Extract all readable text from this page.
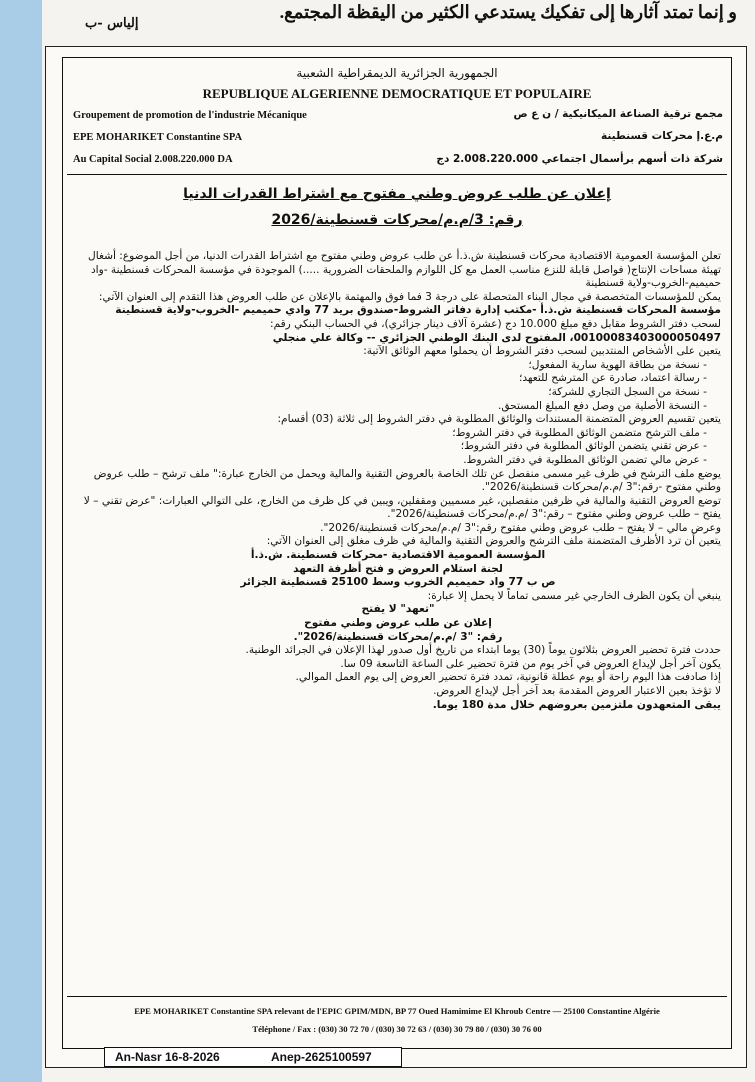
و إنما تمتد آثارها إلى تفكيك يستدعي الكثير من اليقظة المجتمع.
إلياس -ب
الجمهورية الجزائرية الديمقراطية الشعبية
REPUBLIQUE ALGERIENNE DEMOCRATIQUE ET POPULAIRE
Groupement de promotion de l'industrie Mécanique
EPE MOHARIKET Constantine SPA
Au Capital Social 2.008.220.000 DA
مجمع ترقية الصناعة الميكانيكية / ن ع ص
م.ع.إ محركات قسنطينة
شركة ذات أسهم برأسمال اجتماعي 2.008.220.000 دج
إعلان عن طلب عروض وطني مفتوح مع اشتراط القدرات الدنيا
رقم: 3/م.م/محركات قسنطينة/2026

تعلن المؤسسة العمومية الاقتصادية محركات قسنطينة ش.ذ.أ عن طلب عروض وطني مفتوح مع اشتراط القدرات الدنيا، من أجل الموضوع: أشغال تهيئة مساحات الإنتاج( فواصل قابلة للنزع مناسب العمل مع كل اللوازم والملحقات الضرورية .....) الموجودة في مؤسسة المحركات قسنطينة -واد حميميم-الخروب-ولاية قسنطينة

يمكن للمؤسسات المتخصصة في مجال البناء المتحصلة على درجة 3 فما فوق والمهتمة بالإعلان عن طلب العروض هذا التقدم إلى العنوان الآتي:

مؤسسة المحركات قسنطينة ش.ذ.أ -مكتب إدارة دفاتر الشروط-صندوق بريد 77 وادي حميميم -الخروب-ولاية قسنطينة

لسحب دفتر الشروط مقابل دفع مبلغ 10.000 دج (عشرة آلاف دينار جزائري)، في الحساب البنكي رقم:

00100083403000050497، المفتوح لدى البنك الوطني الجزائري -- وكالة علي منجلي

يتعين على الأشخاص المنتدبين لسحب دفتر الشروط أن يحملوا معهم الوثائق الآتية:

- نسخة من بطاقة الهوية سارية المفعول؛

- رسالة اعتماد، صادرة عن المترشح للتعهد؛

- نسخة من السجل التجاري للشركة؛

- النسخة الأصلية من وصل دفع المبلغ المستحق.

يتعين تقسيم العروض المتضمنة المستندات والوثائق المطلوبة في دفتر الشروط إلى ثلاثة (03) أقسام:

- ملف الترشح متضمن الوثائق المطلوبة في دفتر الشروط؛

- عرض تقني يتضمن الوثائق المطلوبة في دفتر الشروط؛

- عرض مالي تضمن الوثائق المطلوبة في دفتر الشروط.

يوضع ملف الترشح في ظرف غير مسمى منفصل عن تلك الخاصة بالعروض التقنية والمالية ويحمل من الخارج عبارة:" ملف ترشح – طلب عروض وطني مفتوح -رقم:"3 /م.م/محركات قسنطينة/2026".

توضع العروض التقنية والمالية في ظرفين منفصلين، غير مسميين ومقفلين، ويبين في كل ظرف من الخارج، على التوالي العبارات: "عرض تقني – لا يفتح – طلب عروض وطني مفتوح – رقم:"3 /م.م/محركات قسنطينة/2026".

وعرض مالي – لا يفتح – طلب عروض وطني مفتوح رقم:"3 /م.م/محركات قسنطينة/2026".

يتعين أن ترد الأظرف المتضمنة ملف الترشح والعروض التقنية والمالية في ظرف مغلق إلى العنوان الآتي:

المؤسسة العمومية الاقتصادية -محركات قسنطينة. ش.ذ.أ

لجنة استلام العروض و فتح أظرفة التعهد

ص ب 77 واد حميميم الخروب وسط 25100 قسنطينة الجزائر

ينبغي أن يكون الظرف الخارجي غير مسمى تماماً لا يحمل إلا عبارة:

"تعهد" لا يفتح

إعلان عن طلب عروض وطني مفتوح

رقم: "3 /م.م/محركات قسنطينة/2026".

حددت فترة تحضير العروض بثلاثون يوماً (30) يوما ابتداء من تاريخ أول صدور لهذا الإعلان في الجرائد الوطنية.

يكون آخر أجل لإيداع العروض في آخر يوم من فترة تحضير على الساعة التاسعة 09 سا.

إذا صادفت هذا اليوم راحة أو يوم عطلة قانونية، تمدد فترة تحضير العروض إلى يوم العمل الموالي.

لا تؤخذ بعين الاعتبار العروض المقدمة بعد آخر أجل لإيداع العروض.

يبقى المتعهدون ملتزمين بعروضهم خلال مدة 180 يوما.

EPE MOHARIKET Constantine SPA relevant de l'EPIC GPIM/MDN, BP 77 Oued Hamimime El Khroub Centre — 25100 Constantine Algérie
Téléphone / Fax : (030) 30 72 70 / (030) 30 72 63 / (030) 30 79 80 / (030) 30 76 00
An-Nasr 16-8-2026	Anep-2625100597
